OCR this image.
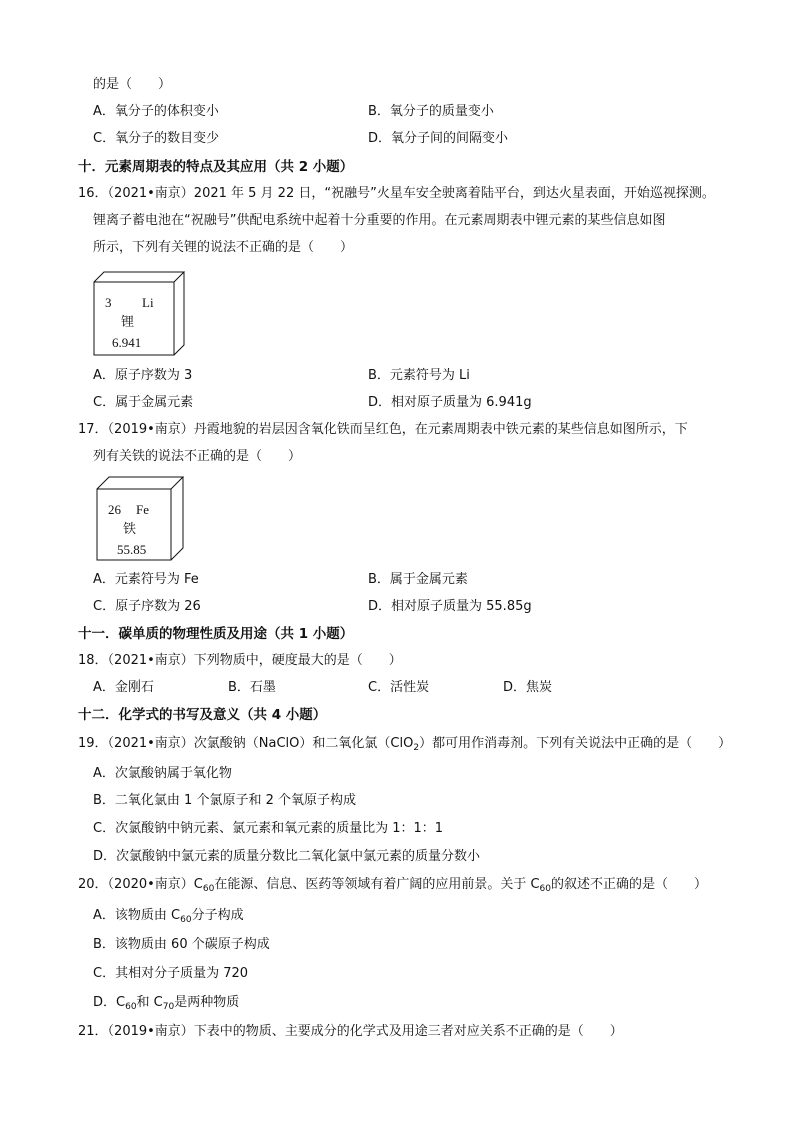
的是（　　）
A．氧分子的体积变小	B．氧分子的质量变小
C．氧分子的数目变少	D．氧分子间的间隔变小
十．元素周期表的特点及其应用（共 2 小题）
16．（2021•南京）2021 年 5 月 22 日，“祝融号”火星车安全驶离着陆平台，到达火星表面，开始巡视探测。
锂离子蓄电池在“祝融号”供配电系统中起着十分重要的作用。在元素周期表中锂元素的某些信息如图
所示，下列有关锂的说法不正确的是（　　）
3 Li
锂
6.941
A．原子序数为 3	B．元素符号为 Li
C．属于金属元素	D．相对原子质量为 6.941g
17．（2019•南京）丹霞地貌的岩层因含氧化铁而呈红色，在元素周期表中铁元素的某些信息如图所示，下
列有关铁的说法不正确的是（　　）
26 Fe
铁
55.85
A．元素符号为 Fe	B．属于金属元素
C．原子序数为 26	D．相对原子质量为 55.85g
十一．碳单质的物理性质及用途（共 1 小题）
18．（2021•南京）下列物质中，硬度最大的是（　　）
A．金刚石	B．石墨	C．活性炭	D．焦炭
十二．化学式的书写及意义（共 4 小题）
19．（2021•南京）次氯酸钠（NaClO）和二氧化氯（ClO$_2$）都可用作消毒剂。下列有关说法中正确的是（　　）
A．次氯酸钠属于氧化物
B．二氧化氯由 1 个氯原子和 2 个氧原子构成
C．次氯酸钠中钠元素、氯元素和氧元素的质量比为 1：1：1
D．次氯酸钠中氯元素的质量分数比二氧化氯中氯元素的质量分数小
20．（2020•南京）$C_{60}$在能源、信息、医药等领域有着广阔的应用前景。关于 $C_{60}$的叙述不正确的是（　　）
A．该物质由 $C_{60}$分子构成
B．该物质由 60 个碳原子构成
C．其相对分子质量为 720
D．$C_{60}$和 $C_{70}$是两种物质
21．（2019•南京）下表中的物质、主要成分的化学式及用途三者对应关系不正确的是（　　）
